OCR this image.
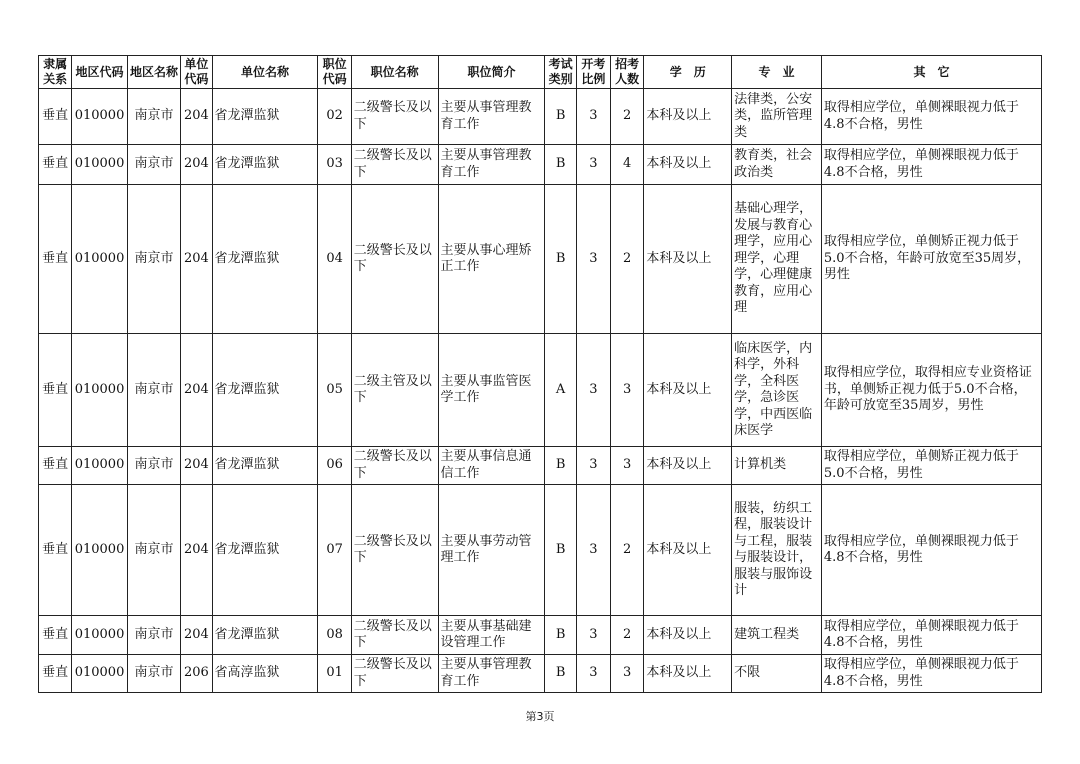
隶属关系	地区代码	地区名称	单位代码	单位名称	职位代码	职位名称	职位简介	考试类别	开考比例	招考人数	学　历	专　业	其　它
垂直	010000	南京市	204	省龙潭监狱	02	二级警长及以下	主要从事管理教育工作	B	3	2	本科及以上	法律类，公安类，监所管理类	取得相应学位，单侧裸眼视力低于4.8不合格，男性
垂直	010000	南京市	204	省龙潭监狱	03	二级警长及以下	主要从事管理教育工作	B	3	4	本科及以上	教育类，社会政治类	取得相应学位，单侧裸眼视力低于4.8不合格，男性
垂直	010000	南京市	204	省龙潭监狱	04	二级警长及以下	主要从事心理矫正工作	B	3	2	本科及以上	基础心理学，发展与教育心理学，应用心理学，心理学，心理健康教育，应用心理	取得相应学位，单侧矫正视力低于5.0不合格，年龄可放宽至35周岁，男性
垂直	010000	南京市	204	省龙潭监狱	05	二级主管及以下	主要从事监管医学工作	A	3	3	本科及以上	临床医学，内科学，外科学，全科医学，急诊医学，中西医临床医学	取得相应学位，取得相应专业资格证书，单侧矫正视力低于5.0不合格，年龄可放宽至35周岁，男性
垂直	010000	南京市	204	省龙潭监狱	06	二级警长及以下	主要从事信息通信工作	B	3	3	本科及以上	计算机类	取得相应学位，单侧矫正视力低于5.0不合格，男性
垂直	010000	南京市	204	省龙潭监狱	07	二级警长及以下	主要从事劳动管理工作	B	3	2	本科及以上	服装，纺织工程，服装设计与工程，服装与服装设计，服装与服饰设计	取得相应学位，单侧裸眼视力低于4.8不合格，男性
垂直	010000	南京市	204	省龙潭监狱	08	二级警长及以下	主要从事基础建设管理工作	B	3	2	本科及以上	建筑工程类	取得相应学位，单侧裸眼视力低于4.8不合格，男性
垂直	010000	南京市	206	省高淳监狱	01	二级警长及以下	主要从事管理教育工作	B	3	3	本科及以上	不限	取得相应学位，单侧裸眼视力低于4.8不合格，男性
第3页
